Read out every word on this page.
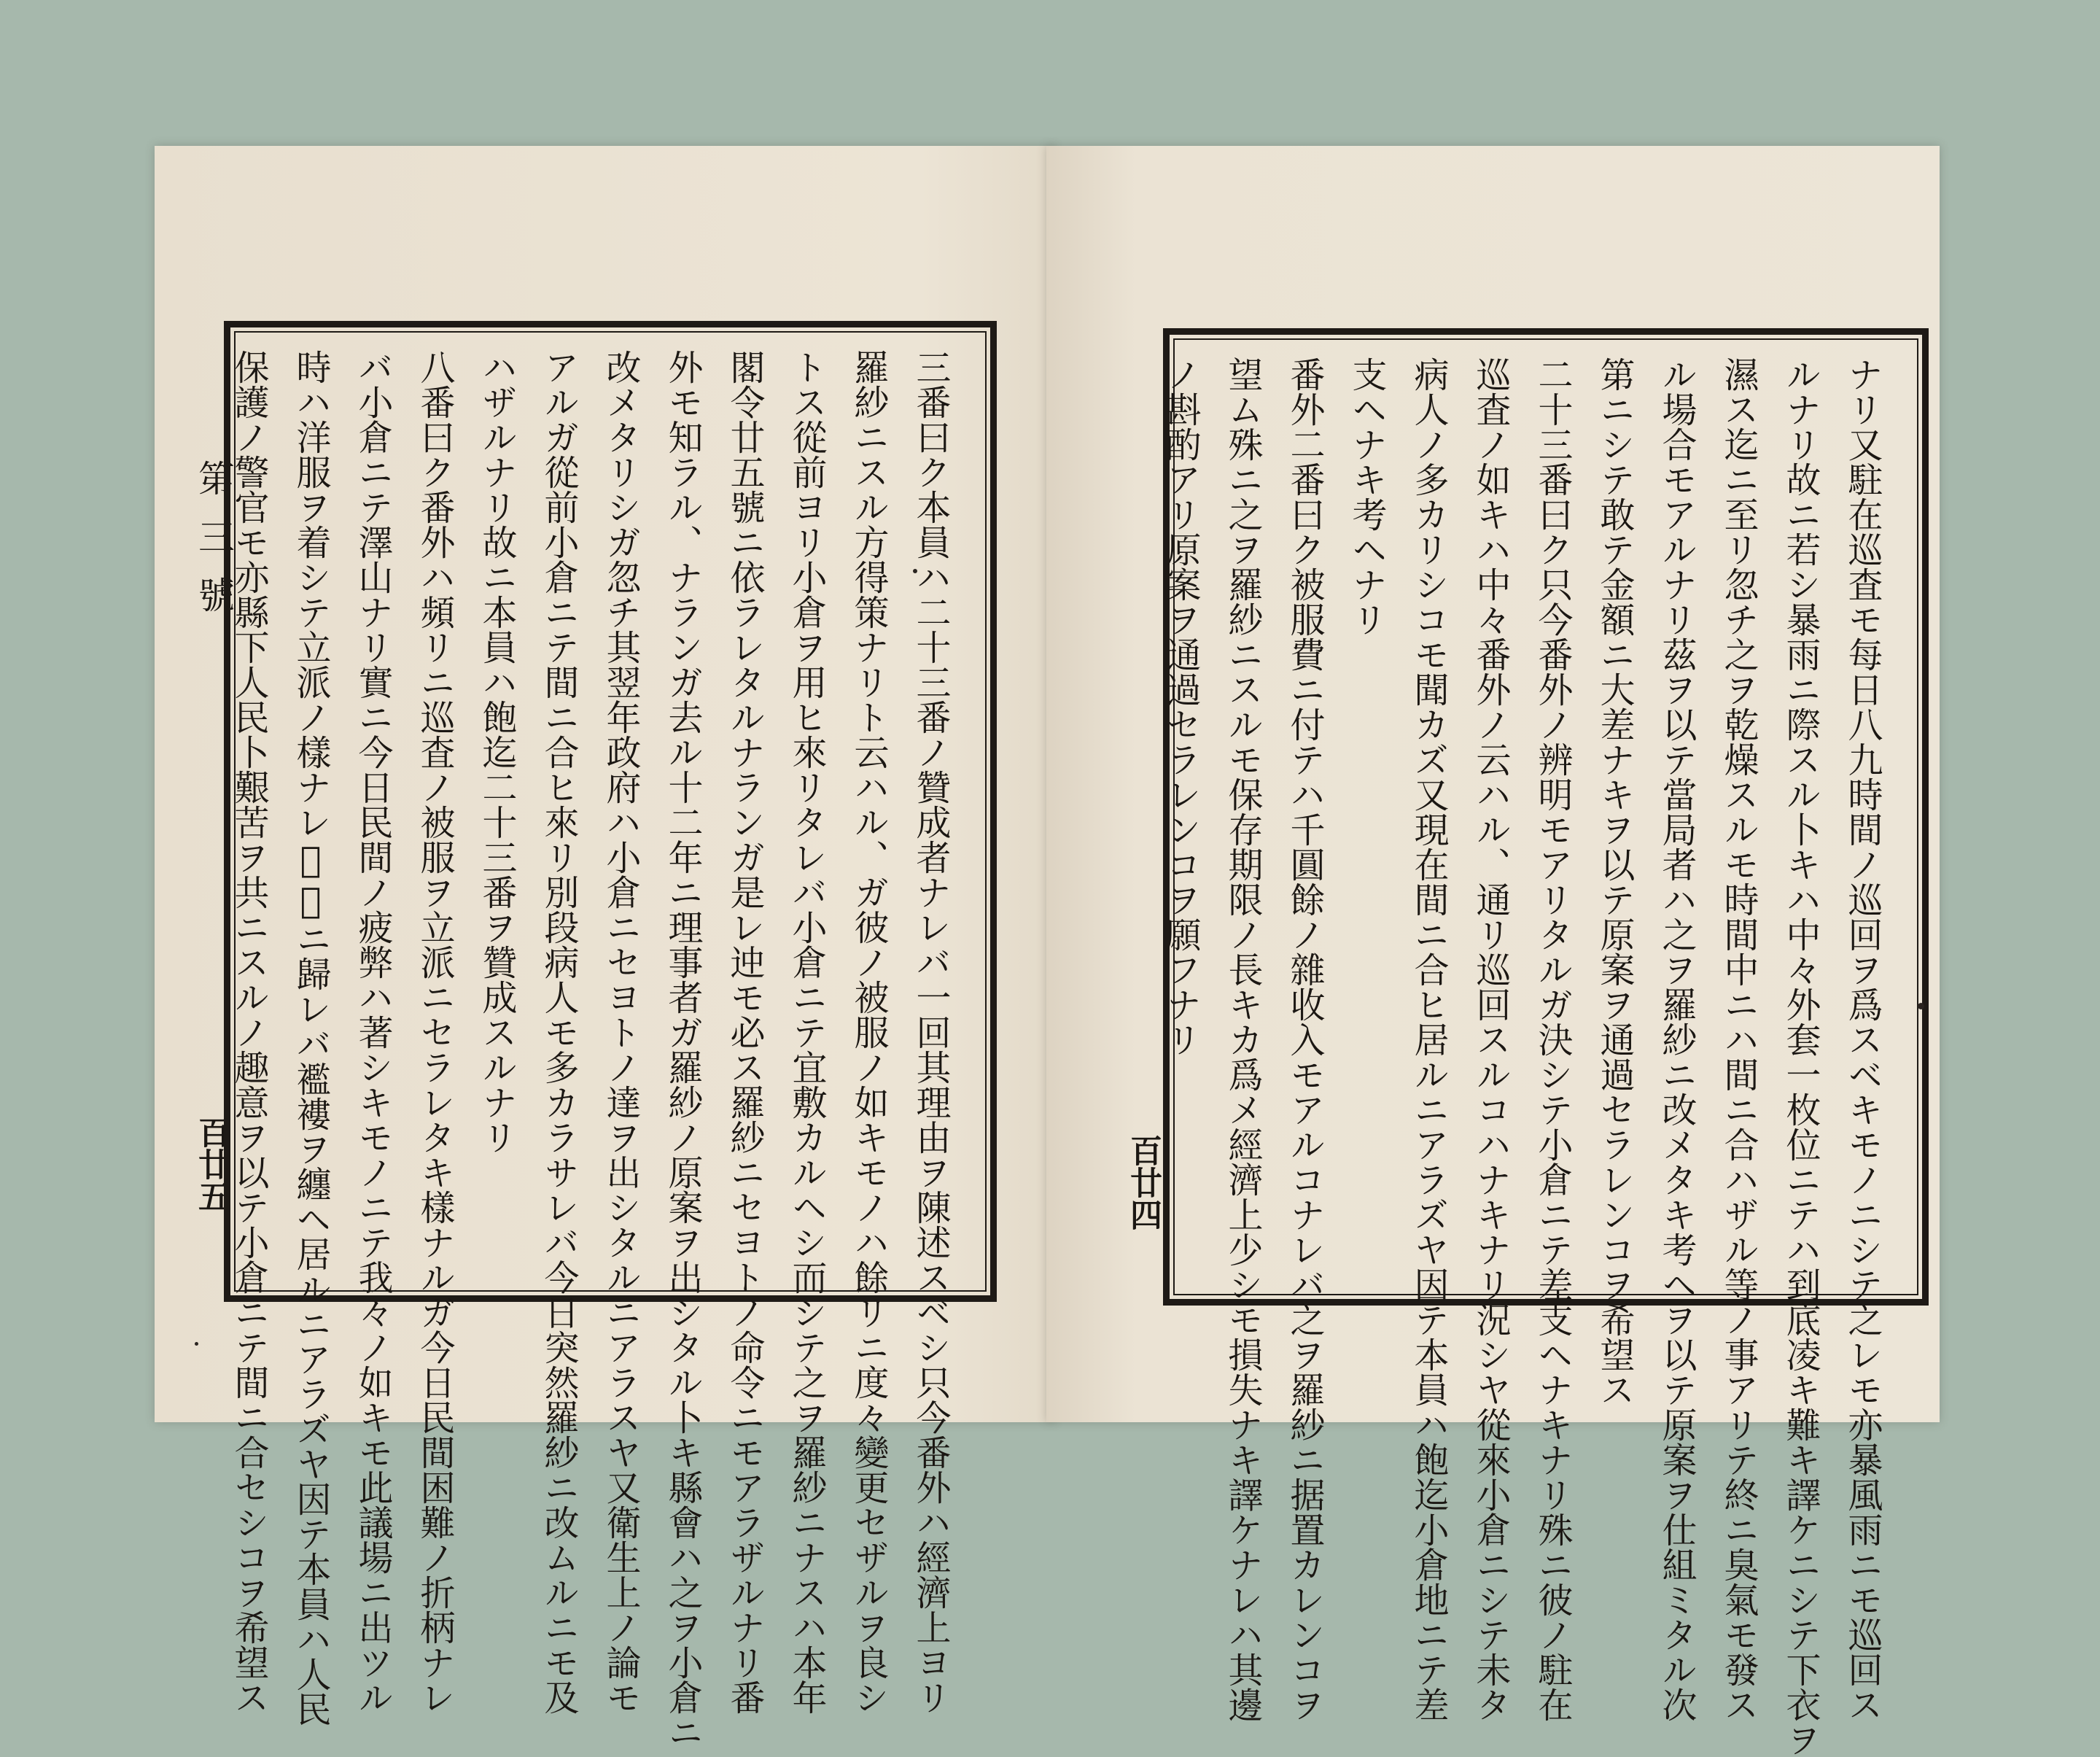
第三號
百廿五	三番曰ク本員ハ二十三番ノ贊成者ナレバ一回其理由ヲ陳述スベシ只今番外ハ經濟上ヨリ
羅紗ニスル方得策ナリト云ハル、ガ彼ノ被服ノ如キモノハ餘リニ度々變更セザルヲ良シ
トス從前ヨリ小倉ヲ用ヒ來リタレバ小倉ニテ宜敷カルヘシ而シテ之ヲ羅紗ニナスハ本年
閣令廿五號ニ依ラレタルナランガ是レ迚モ必ス羅紗ニセヨトノ命令ニモアラザルナリ番
外モ知ラル、ナランガ去ル十二年ニ理事者ガ羅紗ノ原案ヲ出シタル卜キ縣會ハ之ヲ小倉ニ
改メタリシガ忽チ其翌年政府ハ小倉ニセヨトノ達ヲ出シタルニアラスヤ又衛生上ノ論モ
アルガ從前小倉ニテ間ニ合ヒ來リ別段病人モ多カラサレバ今日突然羅紗ニ改ムルニモ及
ハザルナリ故ニ本員ハ飽迄二十三番ヲ贊成スルナリ
八番曰ク番外ハ頻リニ巡査ノ被服ヲ立派ニセラレタキ樣ナルガ今日民間困難ノ折柄ナレ
バ小倉ニテ澤山ナリ實ニ今日民間ノ疲弊ハ著シキモノニテ我々ノ如キモ此議場ニ出ツル
時ハ洋服ヲ着シテ立派ノ樣ナレ𪜈家ニ歸レバ襤褸ヲ纏ヘ居ルニアラズヤ因テ本員ハ人民
保護ノ警官モ亦縣下人民卜艱苦ヲ共ニスルノ趣意ヲ以テ小倉ニテ間ニ合セシコヲ希望ス	百廿四	ナリ又駐在巡査モ每日八九時間ノ巡回ヲ爲スベキモノニシテ之レモ亦暴風雨ニモ巡回ス
ルナリ故ニ若シ暴雨ニ際スル卜キハ中々外套一枚位ニテハ到底凌キ難キ譯ケニシテ下衣ヲ
濕ス迄ニ至リ忽チ之ヲ乾燥スルモ時間中ニハ間ニ合ハザル等ノ事アリテ終ニ臭氣モ發ス
ル場合モアルナリ茲ヲ以テ當局者ハ之ヲ羅紗ニ改メタキ考ヘヲ以テ原案ヲ仕組ミタル次
第ニシテ敢テ金額ニ大差ナキヲ以テ原案ヲ通過セラレンコヲ希望ス
二十三番曰ク只今番外ノ辨明モアリタルガ決シテ小倉ニテ差支ヘナキナリ殊ニ彼ノ駐在
巡査ノ如キハ中々番外ノ云ハル、通リ巡回スルコハナキナリ況シヤ從來小倉ニシテ未タ
病人ノ多カリシコモ聞カズ又現在間ニ合ヒ居ルニアラズヤ因テ本員ハ飽迄小倉地ニテ差
支ヘナキ考ヘナリ
番外二番曰ク被服費ニ付テハ千圓餘ノ雜收入モアルコナレバ之ヲ羅紗ニ据置カレンコヲ
望ム殊ニ之ヲ羅紗ニスルモ保存期限ノ長キカ爲メ經濟上少シモ損失ナキ譯ケナレハ其邊
ノ斟酌アリ原案ヲ通過セラレンコヲ願フナリ
